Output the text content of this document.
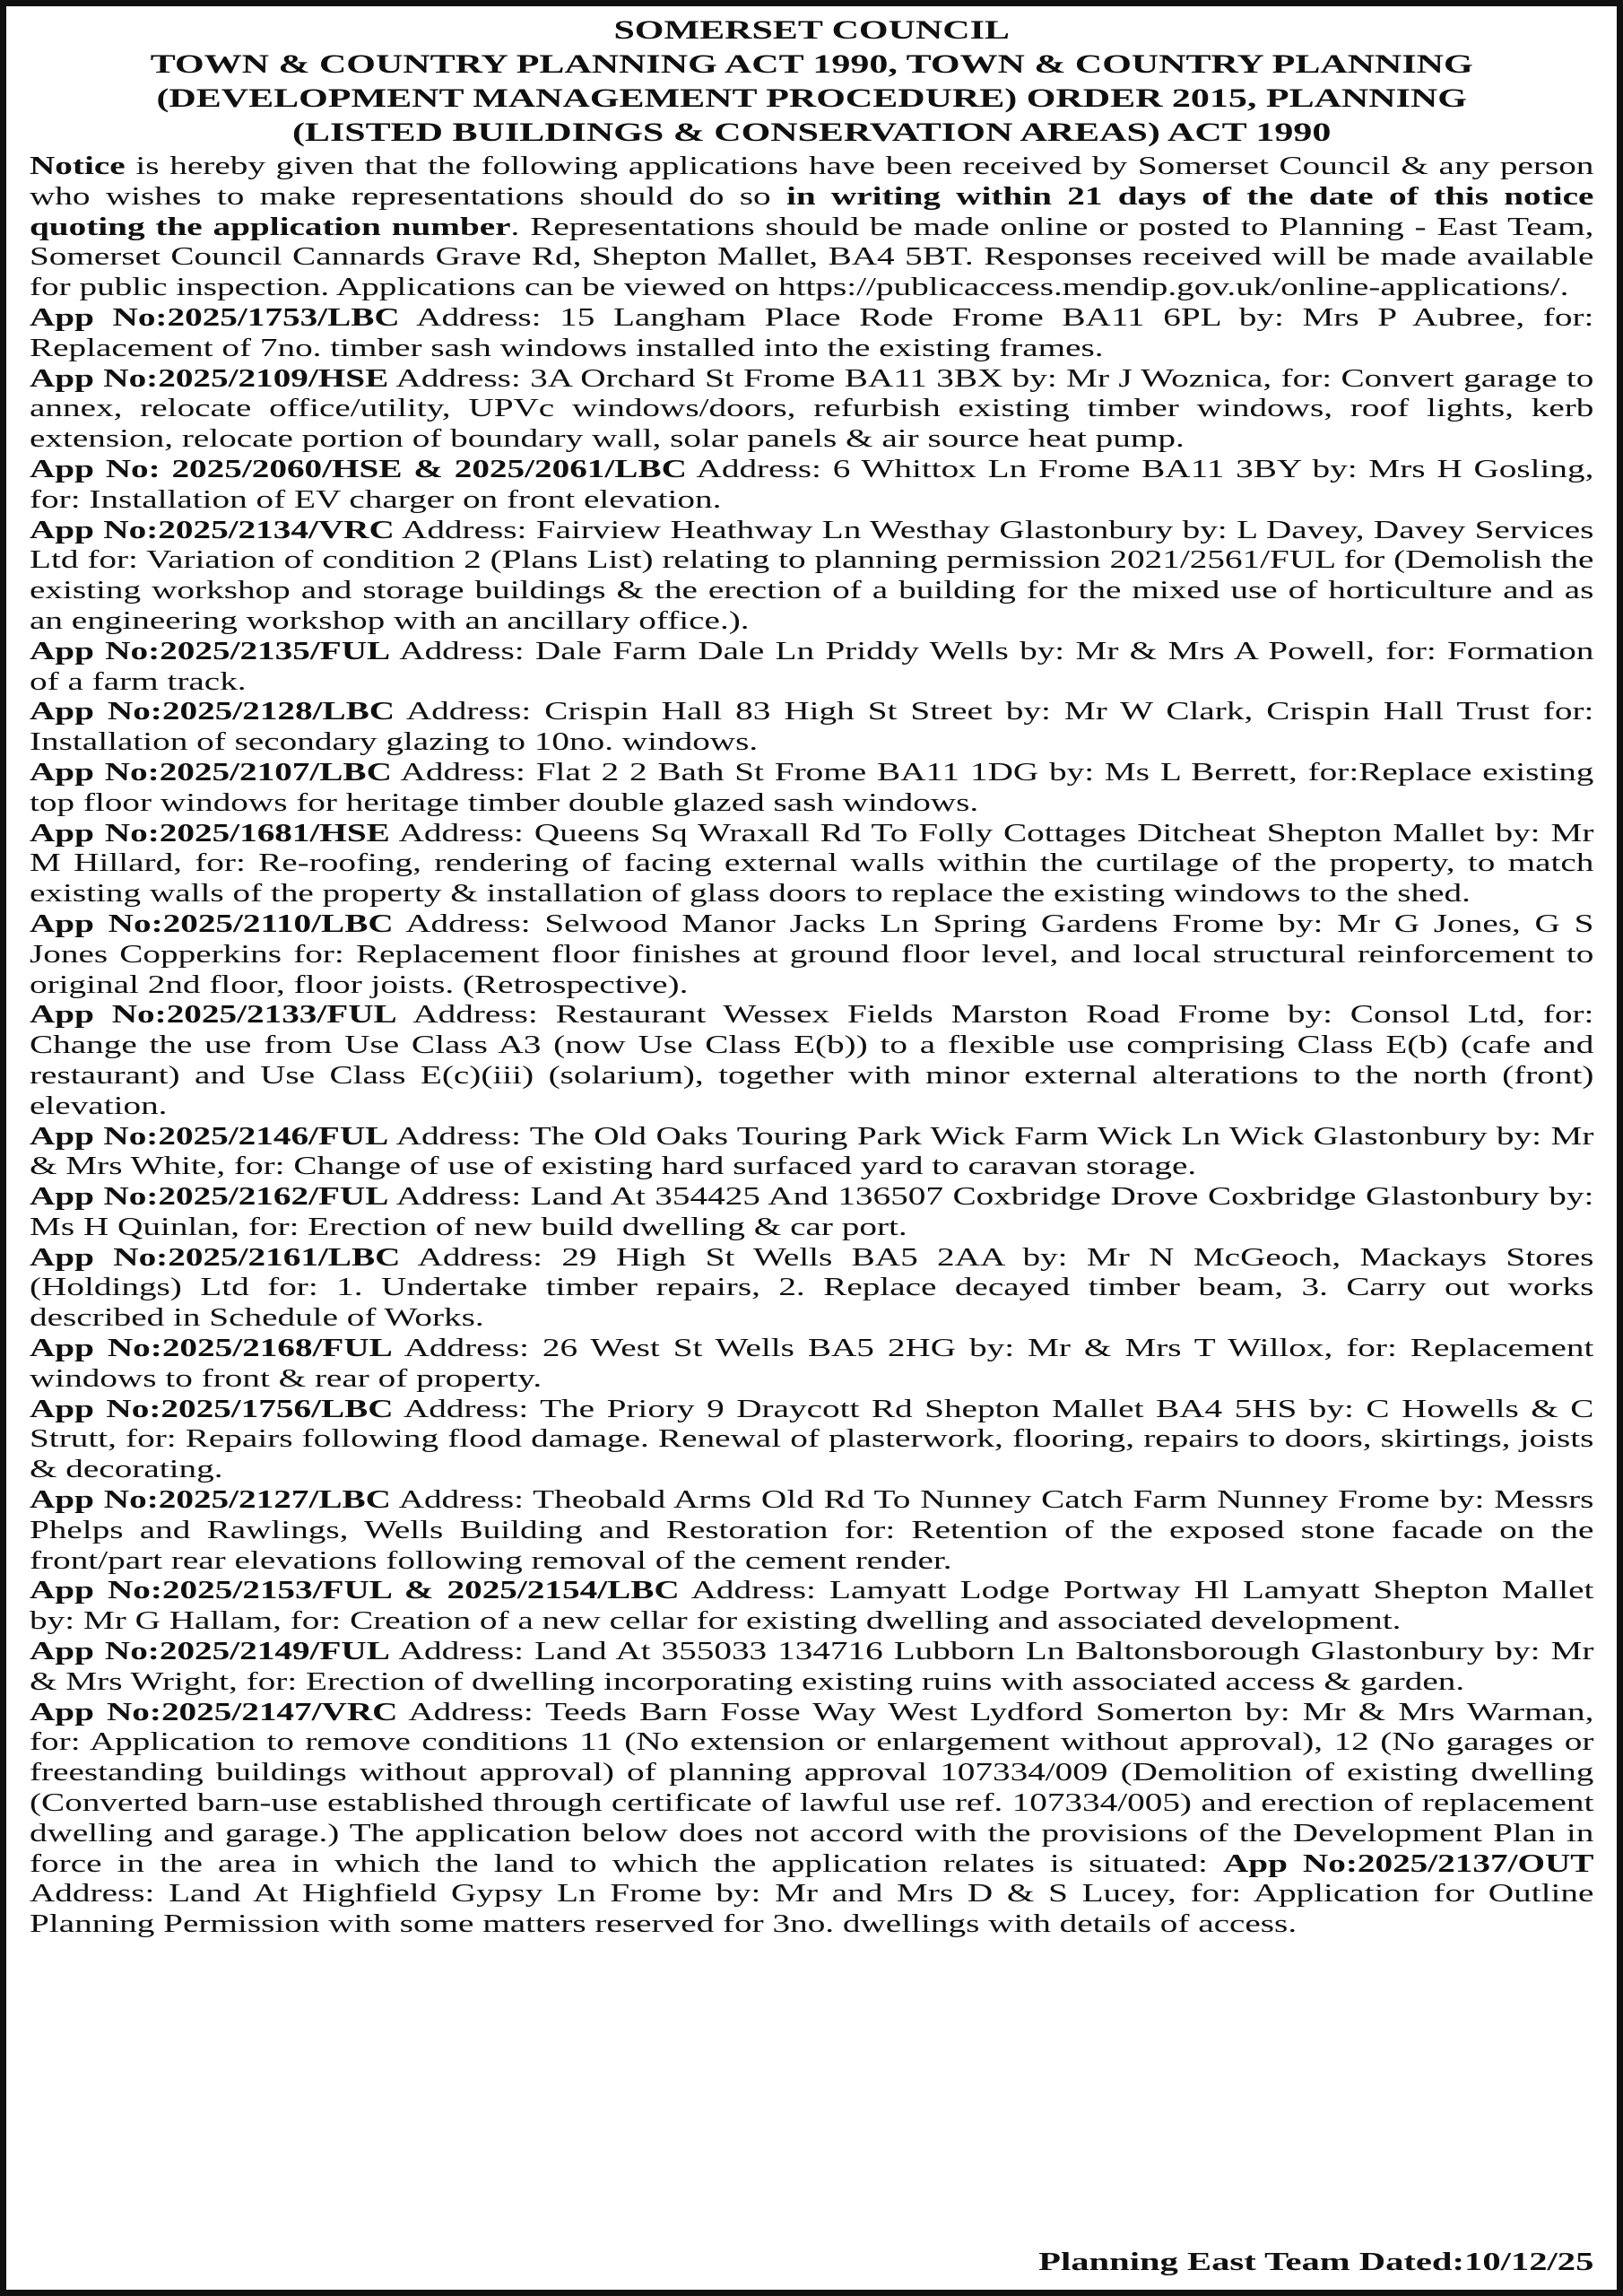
SOMERSET COUNCIL
TOWN & COUNTRY PLANNING ACT 1990, TOWN & COUNTRY PLANNING
(DEVELOPMENT MANAGEMENT PROCEDURE) ORDER 2015, PLANNING
(LISTED BUILDINGS & CONSERVATION AREAS) ACT 1990

Notice is hereby given that the following applications have been received by Somerset Council & any person who wishes to make representations should do so in writing within 21 days of the date of this notice quoting the application number. Representations should be made online or posted to Planning - East Team, Somerset Council Cannards Grave Rd, Shepton Mallet, BA4 5BT. Responses received will be made available for public inspection. Applications can be viewed on https://publicaccess.mendip.gov.uk/online-applications/.

App No:2025/1753/LBC Address: 15 Langham Place Rode Frome BA11 6PL by: Mrs P Aubree, for: Replacement of 7no. timber sash windows installed into the existing frames.

App No:2025/2109/HSE Address: 3A Orchard St Frome BA11 3BX by: Mr J Woznica, for: Convert garage to annex, relocate office/utility, UPVc windows/doors, refurbish existing timber windows, roof lights, kerb extension, relocate portion of boundary wall, solar panels & air source heat pump.

App No: 2025/2060/HSE & 2025/2061/LBC Address: 6 Whittox Ln Frome BA11 3BY by: Mrs H Gosling, for: Installation of EV charger on front elevation.

App No:2025/2134/VRC Address: Fairview Heathway Ln Westhay Glastonbury by: L Davey, Davey Services Ltd for: Variation of condition 2 (Plans List) relating to planning permission 2021/2561/FUL for (Demolish the existing workshop and storage buildings & the erection of a building for the mixed use of horticulture and as an engineering workshop with an ancillary office.).

App No:2025/2135/FUL Address: Dale Farm Dale Ln Priddy Wells by: Mr & Mrs A Powell, for: Formation of a farm track.

App No:2025/2128/LBC Address: Crispin Hall 83 High St Street by: Mr W Clark, Crispin Hall Trust for: Installation of secondary glazing to 10no. windows.

App No:2025/2107/LBC Address: Flat 2 2 Bath St Frome BA11 1DG by: Ms L Berrett, for:Replace existing top floor windows for heritage timber double glazed sash windows.

App No:2025/1681/HSE Address: Queens Sq Wraxall Rd To Folly Cottages Ditcheat Shepton Mallet by: Mr M Hillard, for: Re-roofing, rendering of facing external walls within the curtilage of the property, to match existing walls of the property & installation of glass doors to replace the existing windows to the shed.

App No:2025/2110/LBC Address: Selwood Manor Jacks Ln Spring Gardens Frome by: Mr G Jones, G S Jones Copperkins for: Replacement floor finishes at ground floor level, and local structural reinforcement to original 2nd floor, floor joists. (Retrospective).

App No:2025/2133/FUL Address: Restaurant Wessex Fields Marston Road Frome by: Consol Ltd, for: Change the use from Use Class A3 (now Use Class E(b)) to a flexible use comprising Class E(b) (cafe and restaurant) and Use Class E(c)(iii) (solarium), together with minor external alterations to the north (front) elevation.

App No:2025/2146/FUL Address: The Old Oaks Touring Park Wick Farm Wick Ln Wick Glastonbury by: Mr & Mrs White, for: Change of use of existing hard surfaced yard to caravan storage.

App No:2025/2162/FUL Address: Land At 354425 And 136507 Coxbridge Drove Coxbridge Glastonbury by: Ms H Quinlan, for: Erection of new build dwelling & car port.

App No:2025/2161/LBC Address: 29 High St Wells BA5 2AA by: Mr N McGeoch, Mackays Stores (Holdings) Ltd for: 1. Undertake timber repairs, 2. Replace decayed timber beam, 3. Carry out works described in Schedule of Works.

App No:2025/2168/FUL Address: 26 West St Wells BA5 2HG by: Mr & Mrs T Willox, for: Replacement windows to front & rear of property.

App No:2025/1756/LBC Address: The Priory 9 Draycott Rd Shepton Mallet BA4 5HS by: C Howells & C Strutt, for: Repairs following flood damage. Renewal of plasterwork, flooring, repairs to doors, skirtings, joists & decorating.

App No:2025/2127/LBC Address: Theobald Arms Old Rd To Nunney Catch Farm Nunney Frome by: Messrs Phelps and Rawlings, Wells Building and Restoration for: Retention of the exposed stone facade on the front/part rear elevations following removal of the cement render.

App No:2025/2153/FUL & 2025/2154/LBC Address: Lamyatt Lodge Portway Hl Lamyatt Shepton Mallet by: Mr G Hallam, for: Creation of a new cellar for existing dwelling and associated development.

App No:2025/2149/FUL Address: Land At 355033 134716 Lubborn Ln Baltonsborough Glastonbury by: Mr & Mrs Wright, for: Erection of dwelling incorporating existing ruins with associated access & garden.

App No:2025/2147/VRC Address: Teeds Barn Fosse Way West Lydford Somerton by: Mr & Mrs Warman, for: Application to remove conditions 11 (No extension or enlargement without approval), 12 (No garages or freestanding buildings without approval) of planning approval 107334/009 (Demolition of existing dwelling (Converted barn-use established through certificate of lawful use ref. 107334/005) and erection of replacement dwelling and garage.) The application below does not accord with the provisions of the Development Plan in force in the area in which the land to which the application relates is situated: App No:2025/2137/OUT Address: Land At Highfield Gypsy Ln Frome by: Mr and Mrs D & S Lucey, for: Application for Outline Planning Permission with some matters reserved for 3no. dwellings with details of access.

Planning East Team Dated:10/12/25
